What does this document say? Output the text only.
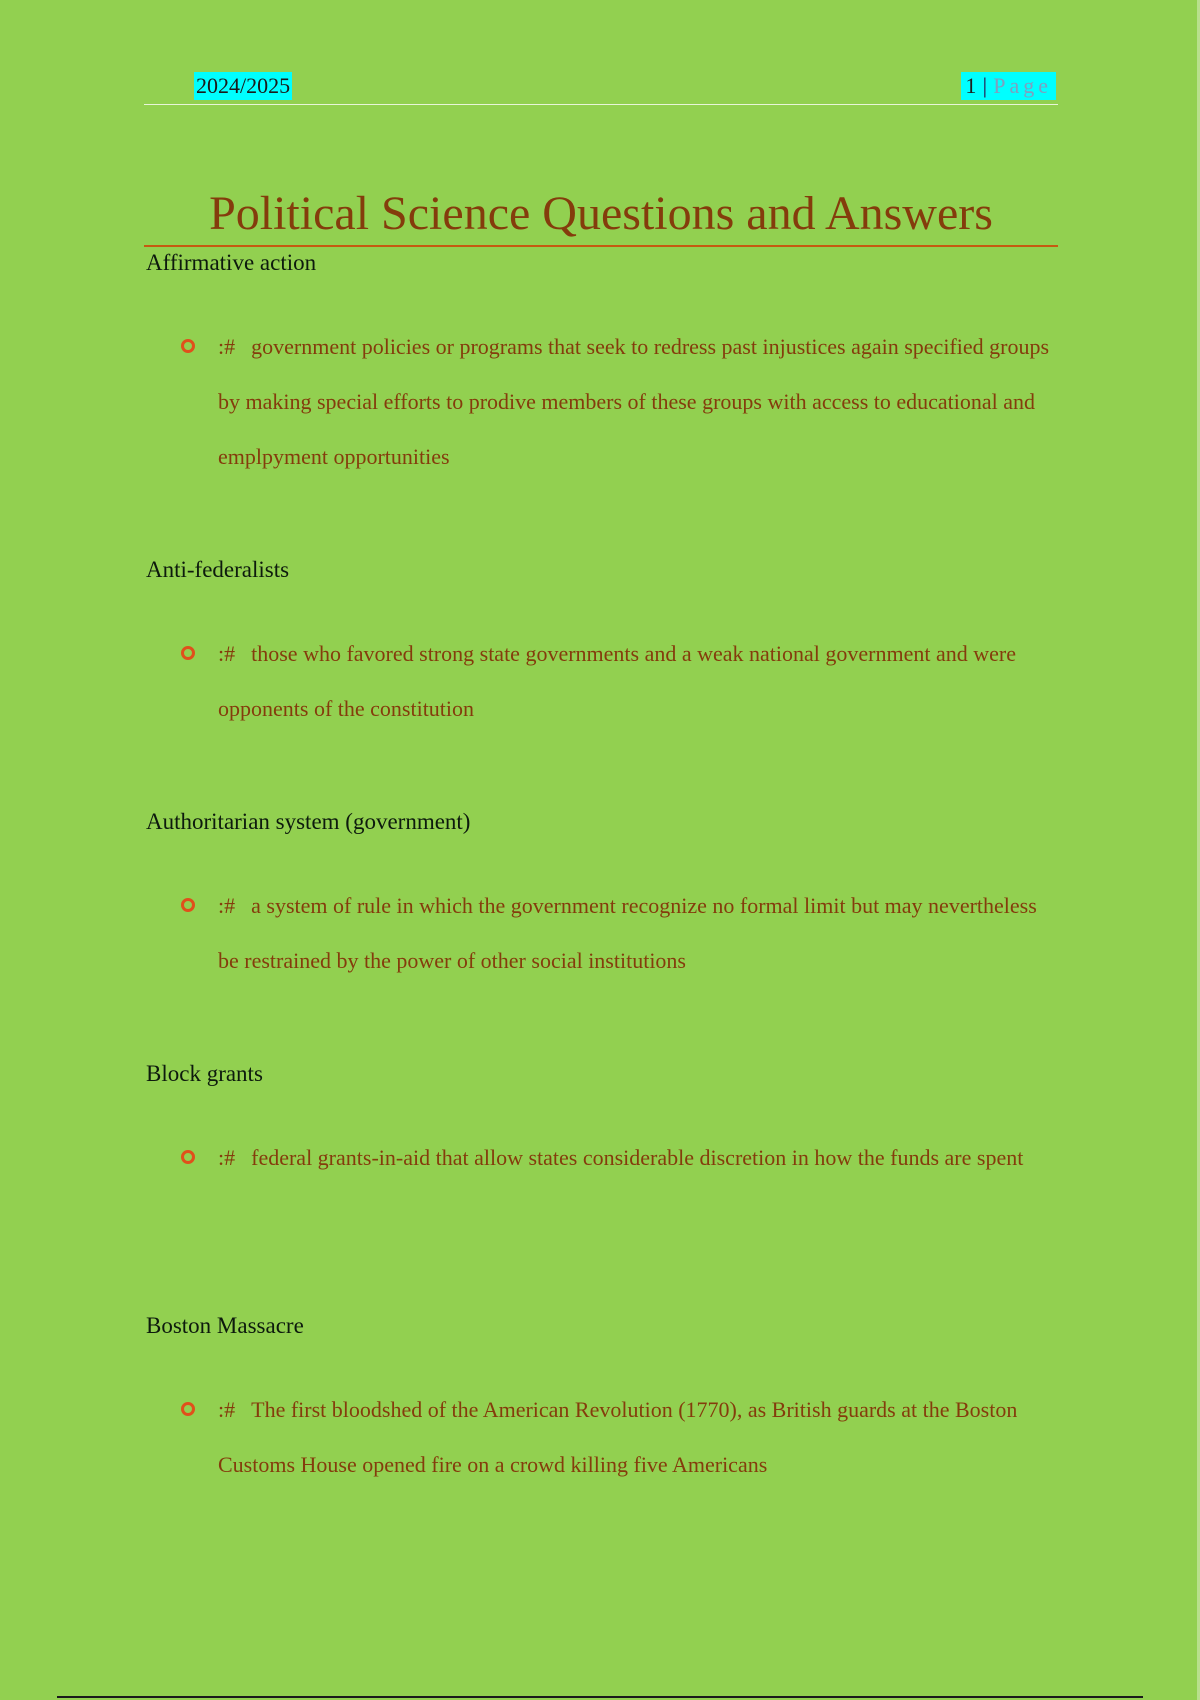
2024/2025	1 | Page
Political Science Questions and Answers
Affirmative action
:# government policies or programs that seek to redress past injustices again specified groups by making special efforts to prodive members of these groups with access to educational and emplpyment opportunities
Anti-federalists
:# those who favored strong state governments and a weak national government and were opponents of the constitution
Authoritarian system (government)
:# a system of rule in which the government recognize no formal limit but may nevertheless be restrained by the power of other social institutions
Block grants
:# federal grants-in-aid that allow states considerable discretion in how the funds are spent
Boston Massacre
:# The first bloodshed of the American Revolution (1770), as British guards at the Boston Customs House opened fire on a crowd killing five Americans
